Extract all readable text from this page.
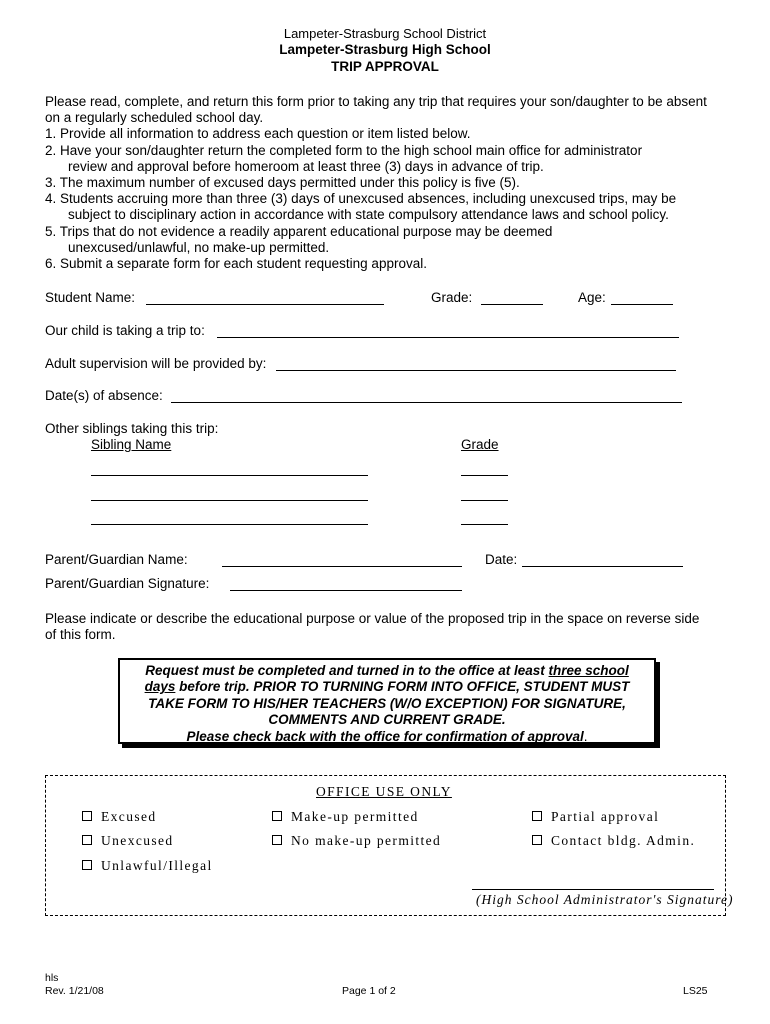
Lampeter-Strasburg School District
Lampeter-Strasburg High School
TRIP APPROVAL
Please read, complete, and return this form prior to taking any trip that requires your son/daughter to be absent
on a regularly scheduled school day.
1. Provide all information to address each question or item listed below.
2. Have your son/daughter return the completed form to the high school main office for administrator
review and approval before homeroom at least three (3) days in advance of trip.
3. The maximum number of excused days permitted under this policy is five (5).
4. Students accruing more than three (3) days of unexcused absences, including unexcused trips, may be
subject to disciplinary action in accordance with state compulsory attendance laws and school policy.
5. Trips that do not evidence a readily apparent educational purpose may be deemed
unexcused/unlawful, no make-up permitted.
6. Submit a separate form for each student requesting approval.
Student Name:	Grade:	Age:
Our child is taking a trip to:
Adult supervision will be provided by:
Date(s) of absence:
Other siblings taking this trip:
Sibling Name	Grade
Parent/Guardian Name:	Date:
Parent/Guardian Signature:
Please indicate or describe the educational purpose or value of the proposed trip in the space on reverse side
of this form.
Request must be completed and turned in to the office at least three school
days before trip. PRIOR TO TURNING FORM INTO OFFICE, STUDENT MUST
TAKE FORM TO HIS/HER TEACHERS (W/O EXCEPTION) FOR SIGNATURE,
COMMENTS AND CURRENT GRADE.
Please check back with the office for confirmation of approval.
OFFICE USE ONLY
Excused	Make-up permitted	Partial approval
Unexcused	No make-up permitted	Contact bldg. Admin.
Unlawful/Illegal
(High School Administrator's Signature)
hls
Rev. 1/21/08	Page 1 of 2	LS25
